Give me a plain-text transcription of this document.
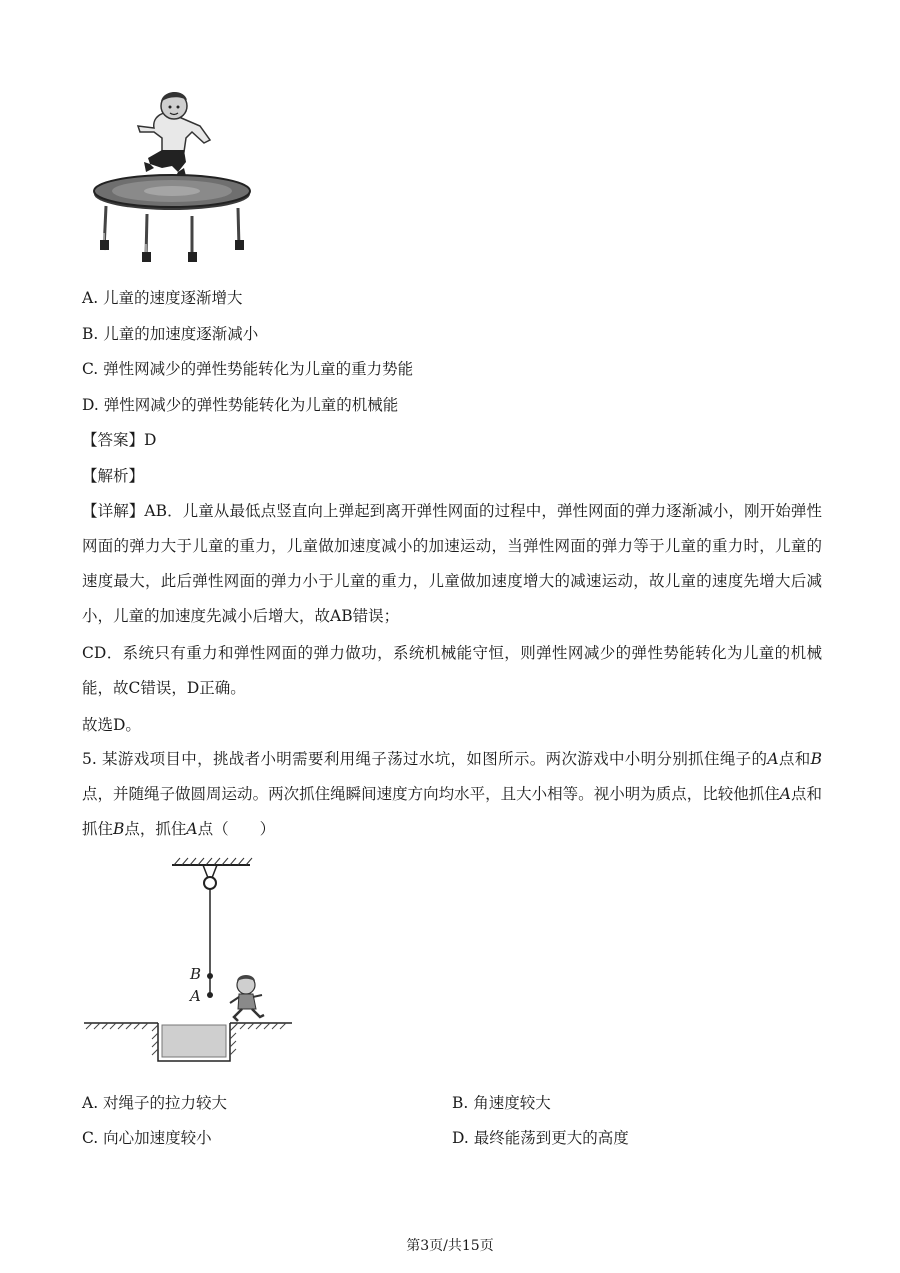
A. 儿童的速度逐渐增大
B. 儿童的加速度逐渐减小
C. 弹性网减少的弹性势能转化为儿童的重力势能
D. 弹性网减少的弹性势能转化为儿童的机械能
【答案】D
【解析】
【详解】AB．儿童从最低点竖直向上弹起到离开弹性网面的过程中，弹性网面的弹力逐渐减小，刚开始弹性网面的弹力大于儿童的重力，儿童做加速度减小的加速运动，当弹性网面的弹力等于儿童的重力时，儿童的速度最大，此后弹性网面的弹力小于儿童的重力，儿童做加速度增大的减速运动，故儿童的速度先增大后减小，儿童的加速度先减小后增大，故AB错误；
CD．系统只有重力和弹性网面的弹力做功，系统机械能守恒，则弹性网减少的弹性势能转化为儿童的机械能，故C错误，D正确。
故选D。
5. 某游戏项目中，挑战者小明需要利用绳子荡过水坑，如图所示。两次游戏中小明分别抓住绳子的A点和B点，并随绳子做圆周运动。两次抓住绳瞬间速度方向均水平，且大小相等。视小明为质点，比较他抓住A点和抓住B点，抓住A点（　　）
B
A
A. 对绳子的拉力较大	B. 角速度较大
C. 向心加速度较小	D. 最终能荡到更大的高度
第3页/共15页
